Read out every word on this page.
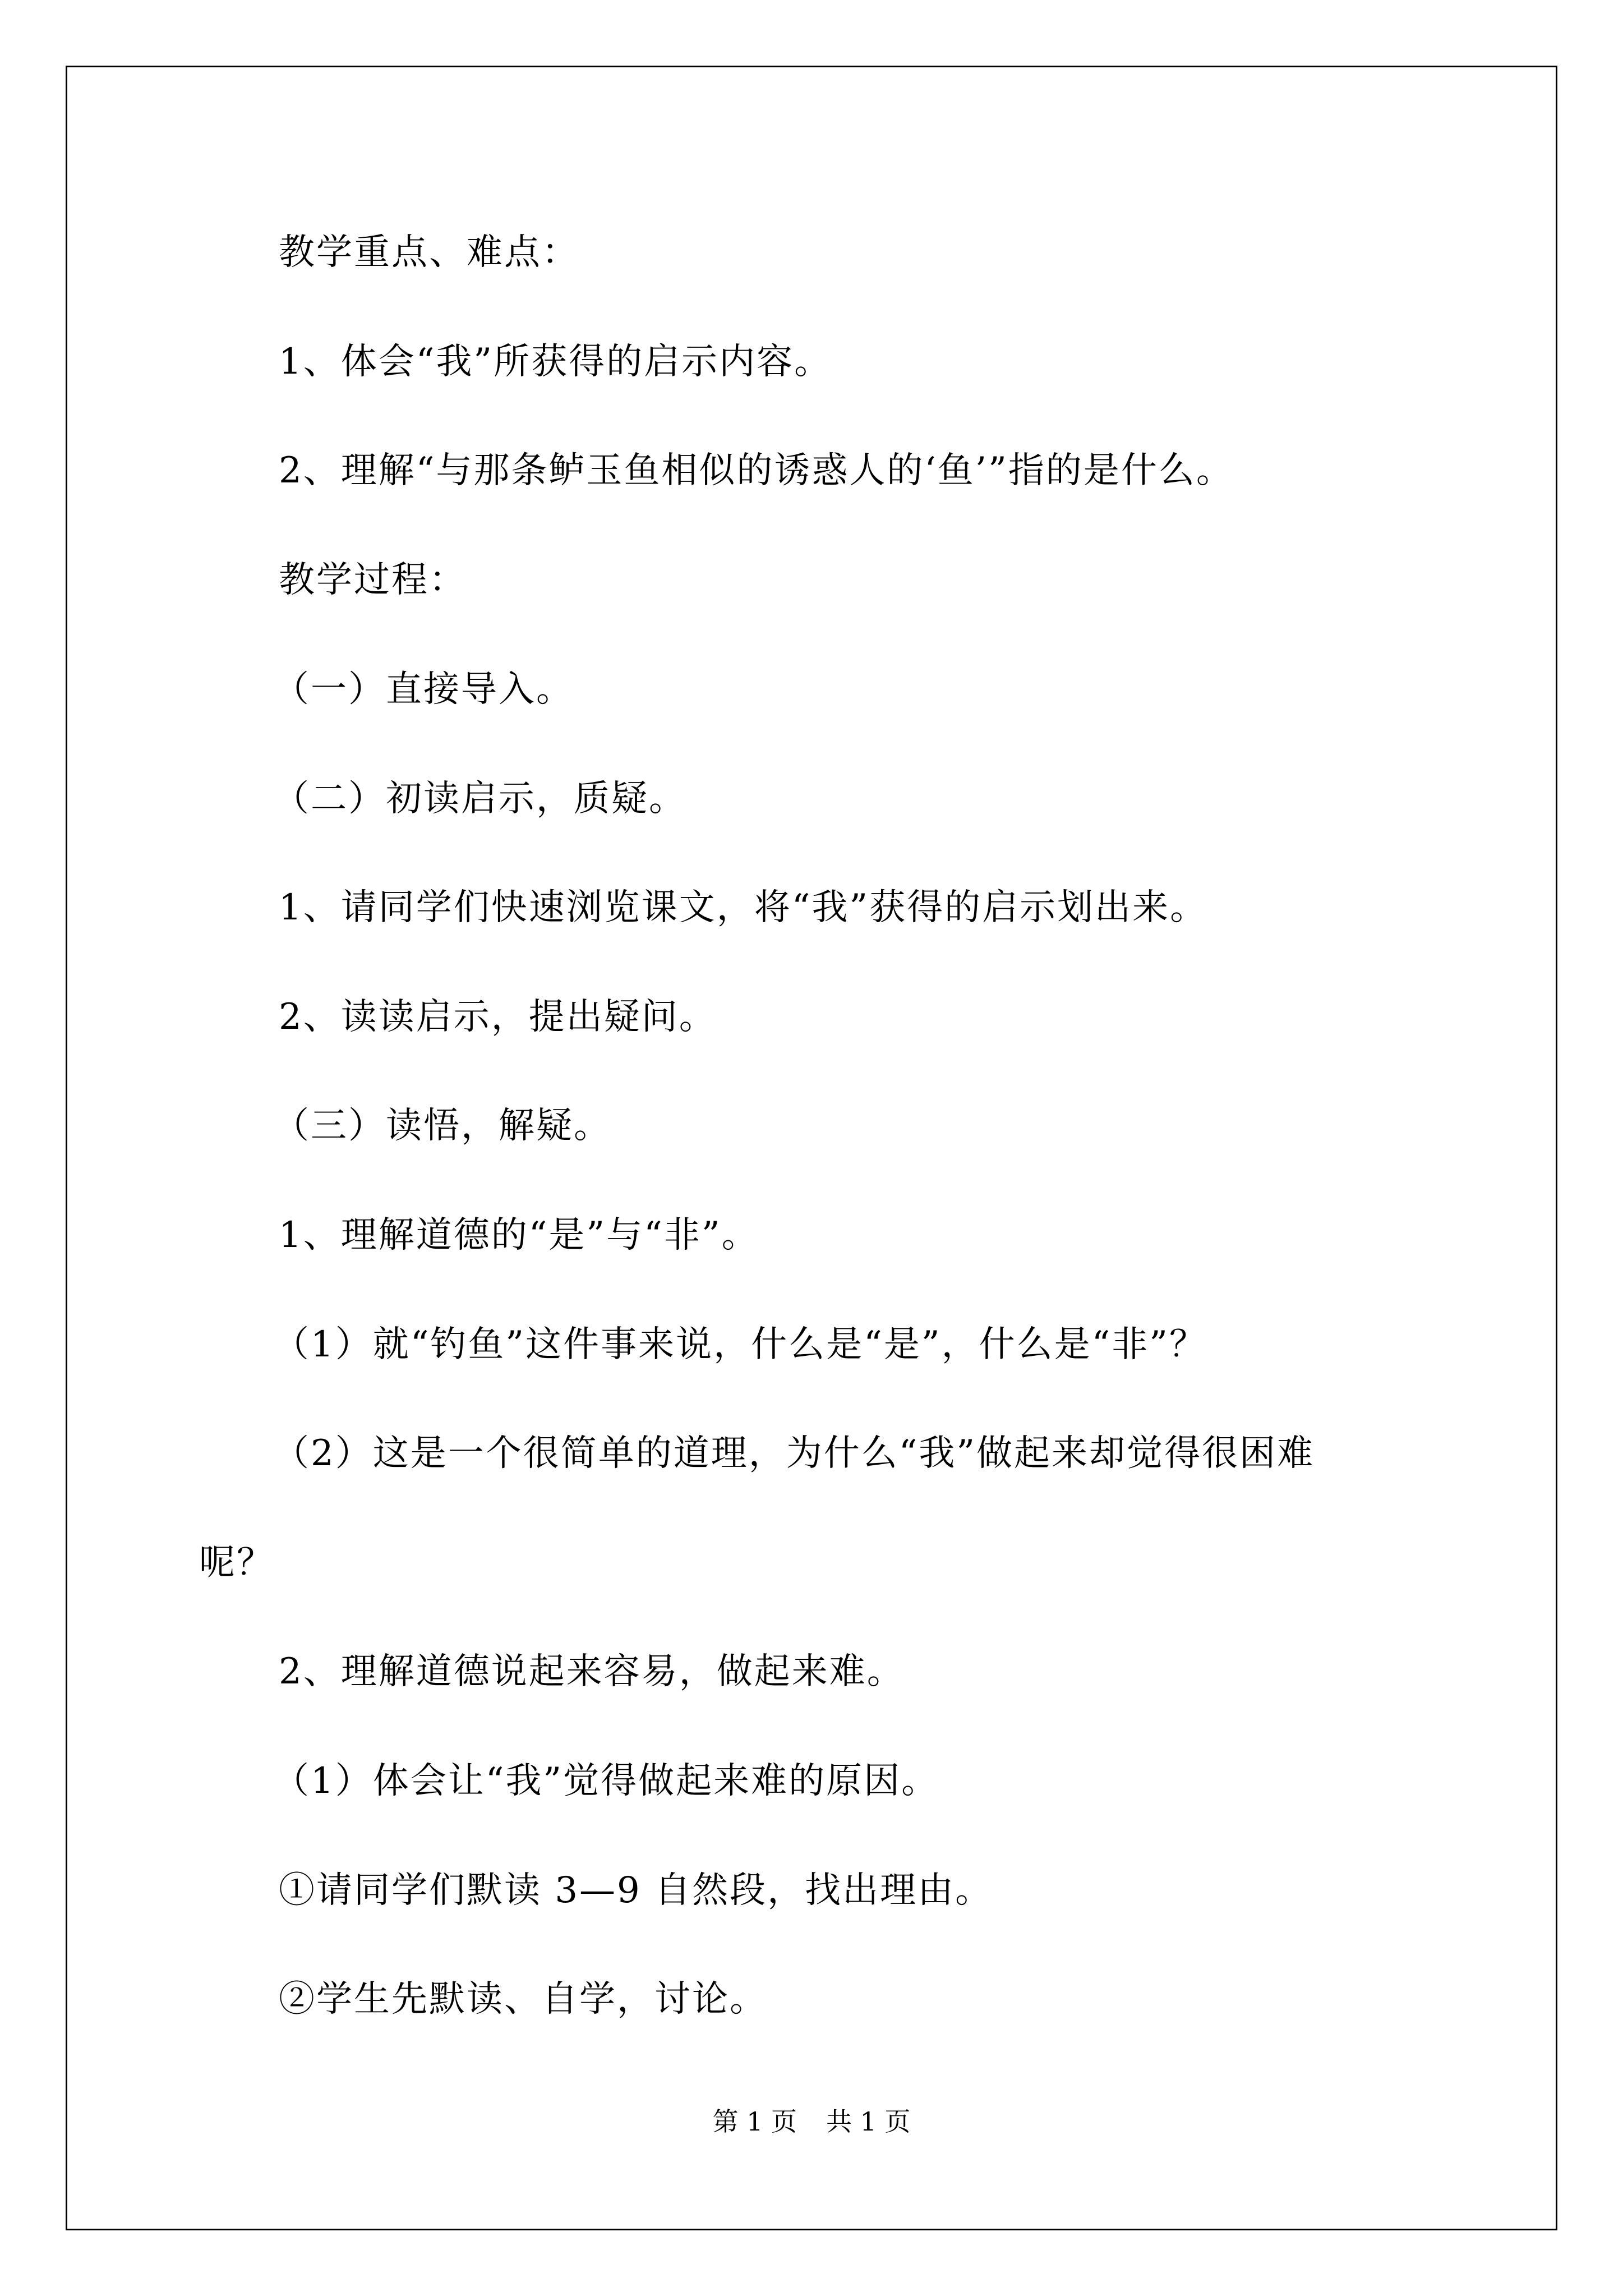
教学重点、难点：

1、体会“我”所获得的启示内容。

2、理解“与那条鲈玉鱼相似的诱惑人的‘鱼’”指的是什么。

教学过程：

（一）直接导入。

（二）初读启示，质疑。

1、请同学们快速浏览课文，将“我”获得的启示划出来。

2、读读启示，提出疑问。

（三）读悟，解疑。

1、理解道德的“是”与“非”。

（1）就“钓鱼”这件事来说，什么是“是”，什么是“非”？

（2）这是一个很简单的道理，为什么“我”做起来却觉得很困难

呢？

2、理解道德说起来容易，做起来难。

（1）体会让“我”觉得做起来难的原因。

①请同学们默读 3—9 自然段，找出理由。

②学生先默读、自学，讨论。

第 1 页 共 1 页
